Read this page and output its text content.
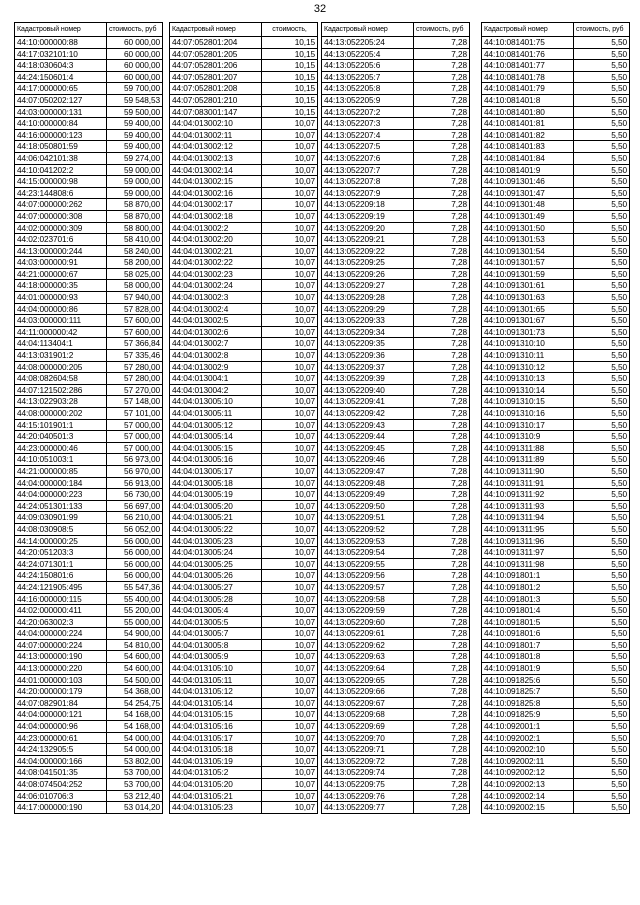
32
Кадастровый номер	стоимость, руб
44:10:000000:88	60 000,00
44:17:032101:10	60 000,00
44:18:030604:3	60 000,00
44:24:150601:4	60 000,00
44:17:000000:65	59 700,00
44:07:050202:127	59 548,53
44:03:000000:131	59 500,00
44:10:000000:84	59 400,00
44:16:000000:123	59 400,00
44:18:050801:59	59 400,00
44:06:042101:38	59 274,00
44:10:041202:2	59 000,00
44:15:000000:98	59 000,00
44:23:144808:6	59 000,00
44:07:000000:262	58 870,00
44:07:000000:308	58 870,00
44:02:000000:309	58 800,00
44:02:023701:6	58 410,00
44:13:000000:244	58 240,00
44:03:000000:91	58 200,00
44:21:000000:67	58 025,00
44:18:000000:35	58 000,00
44:01:000000:93	57 940,00
44:04:000000:86	57 828,00
44:03:000000:111	57 600,00
44:11:000000:42	57 600,00
44:04:113404:1	57 366,84
44:13:031901:2	57 335,46
44:08:000000:205	57 280,00
44:08:082604:58	57 280,00
44:07:121502:286	57 270,00
44:13:022903:28	57 148,00
44:08:000000:202	57 101,00
44:15:101901:1	57 000,00
44:20:040501:3	57 000,00
44:23:000000:46	57 000,00
44:10:051003:1	56 973,00
44:21:000000:85	56 970,00
44:04:000000:184	56 913,00
44:04:000000:223	56 730,00
44:24:051301:133	56 697,00
44:09:030901:99	56 210,00
44:08:030908:5	56 052,00
44:14:000000:25	56 000,00
44:20:051203:3	56 000,00
44:24:071301:1	56 000,00
44:24:150801:6	56 000,00
44:24:121905:495	55 547,36
44:16:000000:115	55 400,00
44:02:000000:411	55 200,00
44:20:063002:3	55 000,00
44:04:000000:224	54 900,00
44:07:000000:224	54 810,00
44:13:000000:190	54 600,00
44:13:000000:220	54 600,00
44:01:000000:103	54 500,00
44:20:000000:179	54 368,00
44:07:082901:84	54 254,75
44:04:000000:121	54 168,00
44:04:000000:96	54 168,00
44:23:000000:61	54 000,00
44:24:132905:5	54 000,00
44:04:000000:166	53 802,00
44:08:041501:35	53 700,00
44:08:074504:252	53 700,00
44:06:010706:3	53 212,40
44:17:000000:190	53 014,20
Кадастровый номер	стоимость,
44:07:052801:204	10,15
44:07:052801:205	10,15
44:07:052801:206	10,15
44:07:052801:207	10,15
44:07:052801:208	10,15
44:07:052801:210	10,15
44:07:083001:147	10,15
44:04:013002:10	10,07
44:04:013002:11	10,07
44:04:013002:12	10,07
44:04:013002:13	10,07
44:04:013002:14	10,07
44:04:013002:15	10,07
44:04:013002:16	10,07
44:04:013002:17	10,07
44:04:013002:18	10,07
44:04:013002:2	10,07
44:04:013002:20	10,07
44:04:013002:21	10,07
44:04:013002:22	10,07
44:04:013002:23	10,07
44:04:013002:24	10,07
44:04:013002:3	10,07
44:04:013002:4	10,07
44:04:013002:5	10,07
44:04:013002:6	10,07
44:04:013002:7	10,07
44:04:013002:8	10,07
44:04:013002:9	10,07
44:04:013004:1	10,07
44:04:013004:2	10,07
44:04:013005:10	10,07
44:04:013005:11	10,07
44:04:013005:12	10,07
44:04:013005:14	10,07
44:04:013005:15	10,07
44:04:013005:16	10,07
44:04:013005:17	10,07
44:04:013005:18	10,07
44:04:013005:19	10,07
44:04:013005:20	10,07
44:04:013005:21	10,07
44:04:013005:22	10,07
44:04:013005:23	10,07
44:04:013005:24	10,07
44:04:013005:25	10,07
44:04:013005:26	10,07
44:04:013005:27	10,07
44:04:013005:28	10,07
44:04:013005:4	10,07
44:04:013005:5	10,07
44:04:013005:7	10,07
44:04:013005:8	10,07
44:04:013005:9	10,07
44:04:013105:10	10,07
44:04:013105:11	10,07
44:04:013105:12	10,07
44:04:013105:14	10,07
44:04:013105:15	10,07
44:04:013105:16	10,07
44:04:013105:17	10,07
44:04:013105:18	10,07
44:04:013105:19	10,07
44:04:013105:2	10,07
44:04:013105:20	10,07
44:04:013105:21	10,07
44:04:013105:23	10,07
Кадастровый номер	стоимость, руб
44:13:052205:24	7,28
44:13:052205:4	7,28
44:13:052205:6	7,28
44:13:052205:7	7,28
44:13:052205:8	7,28
44:13:052205:9	7,28
44:13:052207:2	7,28
44:13:052207:3	7,28
44:13:052207:4	7,28
44:13:052207:5	7,28
44:13:052207:6	7,28
44:13:052207:7	7,28
44:13:052207:8	7,28
44:13:052207:9	7,28
44:13:052209:18	7,28
44:13:052209:19	7,28
44:13:052209:20	7,28
44:13:052209:21	7,28
44:13:052209:22	7,28
44:13:052209:25	7,28
44:13:052209:26	7,28
44:13:052209:27	7,28
44:13:052209:28	7,28
44:13:052209:29	7,28
44:13:052209:33	7,28
44:13:052209:34	7,28
44:13:052209:35	7,28
44:13:052209:36	7,28
44:13:052209:37	7,28
44:13:052209:39	7,28
44:13:052209:40	7,28
44:13:052209:41	7,28
44:13:052209:42	7,28
44:13:052209:43	7,28
44:13:052209:44	7,28
44:13:052209:45	7,28
44:13:052209:46	7,28
44:13:052209:47	7,28
44:13:052209:48	7,28
44:13:052209:49	7,28
44:13:052209:50	7,28
44:13:052209:51	7,28
44:13:052209:52	7,28
44:13:052209:53	7,28
44:13:052209:54	7,28
44:13:052209:55	7,28
44:13:052209:56	7,28
44:13:052209:57	7,28
44:13:052209:58	7,28
44:13:052209:59	7,28
44:13:052209:60	7,28
44:13:052209:61	7,28
44:13:052209:62	7,28
44:13:052209:63	7,28
44:13:052209:64	7,28
44:13:052209:65	7,28
44:13:052209:66	7,28
44:13:052209:67	7,28
44:13:052209:68	7,28
44:13:052209:69	7,28
44:13:052209:70	7,28
44:13:052209:71	7,28
44:13:052209:72	7,28
44:13:052209:74	7,28
44:13:052209:75	7,28
44:13:052209:76	7,28
44:13:052209:77	7,28
Кадастровый номер	стоимость, руб
44:10:081401:75	5,50
44:10:081401:76	5,50
44:10:081401:77	5,50
44:10:081401:78	5,50
44:10:081401:79	5,50
44:10:081401:8	5,50
44:10:081401:80	5,50
44:10:081401:81	5,50
44:10:081401:82	5,50
44:10:081401:83	5,50
44:10:081401:84	5,50
44:10:081401:9	5,50
44:10:091301:46	5,50
44:10:091301:47	5,50
44:10:091301:48	5,50
44:10:091301:49	5,50
44:10:091301:50	5,50
44:10:091301:53	5,50
44:10:091301:54	5,50
44:10:091301:57	5,50
44:10:091301:59	5,50
44:10:091301:61	5,50
44:10:091301:63	5,50
44:10:091301:65	5,50
44:10:091301:67	5,50
44:10:091301:73	5,50
44:10:091310:10	5,50
44:10:091310:11	5,50
44:10:091310:12	5,50
44:10:091310:13	5,50
44:10:091310:14	5,50
44:10:091310:15	5,50
44:10:091310:16	5,50
44:10:091310:17	5,50
44:10:091310:9	5,50
44:10:091311:88	5,50
44:10:091311:89	5,50
44:10:091311:90	5,50
44:10:091311:91	5,50
44:10:091311:92	5,50
44:10:091311:93	5,50
44:10:091311:94	5,50
44:10:091311:95	5,50
44:10:091311:96	5,50
44:10:091311:97	5,50
44:10:091311:98	5,50
44:10:091801:1	5,50
44:10:091801:2	5,50
44:10:091801:3	5,50
44:10:091801:4	5,50
44:10:091801:5	5,50
44:10:091801:6	5,50
44:10:091801:7	5,50
44:10:091801:8	5,50
44:10:091801:9	5,50
44:10:091825:6	5,50
44:10:091825:7	5,50
44:10:091825:8	5,50
44:10:091825:9	5,50
44:10:092001:1	5,50
44:10:092002:1	5,50
44:10:092002:10	5,50
44:10:092002:11	5,50
44:10:092002:12	5,50
44:10:092002:13	5,50
44:10:092002:14	5,50
44:10:092002:15	5,50
